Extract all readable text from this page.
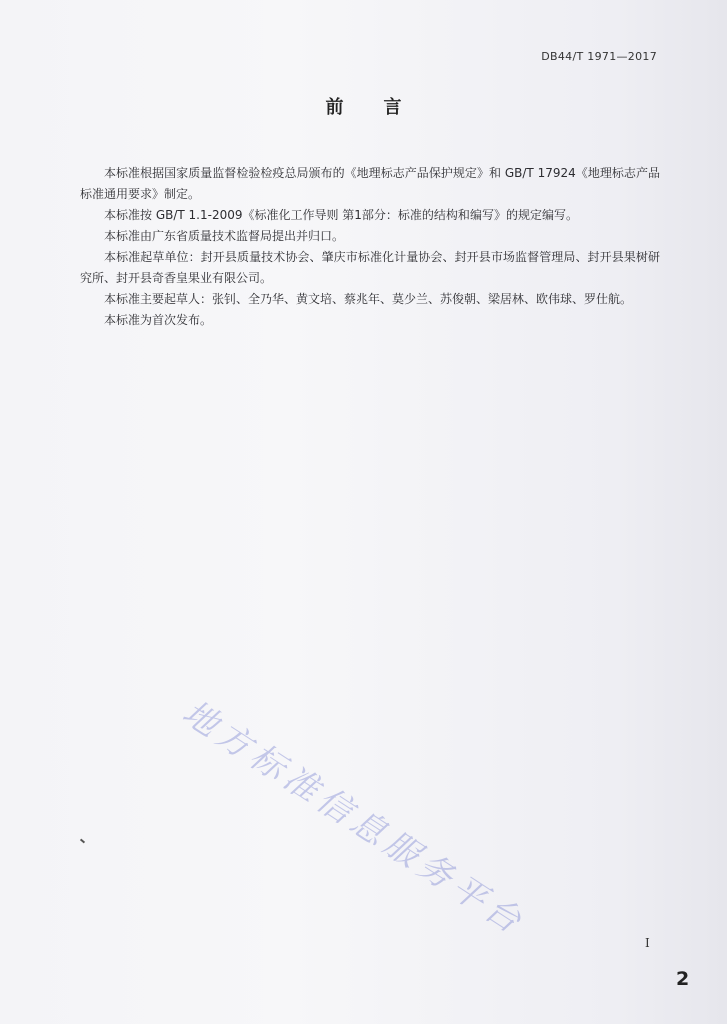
DB44/T 1971—2017
前言

本标准根据国家质量监督检验检疫总局颁布的《地理标志产品保护规定》和 GB/T 17924《地理标志产品标准通用要求》制定。

本标准按 GB/T 1.1-2009《标准化工作导则 第1部分：标准的结构和编写》的规定编写。

本标准由广东省质量技术监督局提出并归口。

本标准起草单位：封开县质量技术协会、肇庆市标准化计量协会、封开县市场监督管理局、封开县果树研究所、封开县奇香皇果业有限公司。

本标准主要起草人：张钊、全乃华、黄文培、蔡兆年、莫少兰、苏俊朝、梁居林、欧伟球、罗仕航。

本标准为首次发布。

地方标准信息服务平台	I
2
